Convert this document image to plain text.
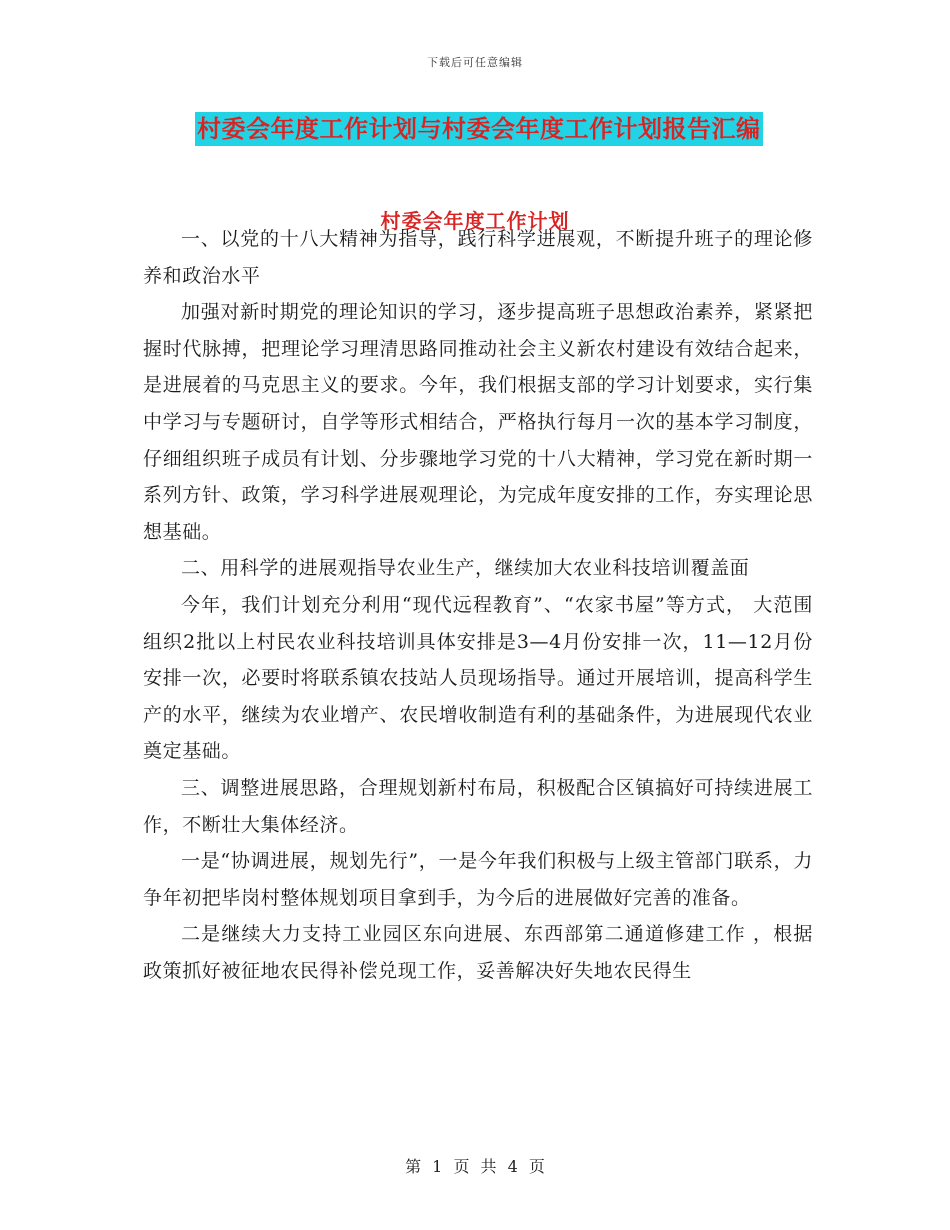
下载后可任意编辑
村委会年度工作计划与村委会年度工作计划报告汇编
村委会年度工作计划

一、以党的十八大精神为指导，践行科学进展观，不断提升班子的理论修养和政治水平

加强对新时期党的理论知识的学习，逐步提高班子思想政治素养，紧紧把握时代脉搏，把理论学习理清思路同推动社会主义新农村建设有效结合起来，是进展着的马克思主义的要求。今年，我们根据支部的学习计划要求，实行集中学习与专题研讨，自学等形式相结合，严格执行每月一次的基本学习制度，仔细组织班子成员有计划、分步骤地学习党的十八大精神，学习党在新时期一系列方针、政策，学习科学进展观理论，为完成年度安排的工作，夯实理论思想基础。

二、用科学的进展观指导农业生产，继续加大农业科技培训覆盖面

今年，我们计划充分利用“现代远程教育”、“农家书屋”等方式， 大范围组织2批以上村民农业科技培训具体安排是3—4月份安排一次，11—12月份安排一次，必要时将联系镇农技站人员现场指导。通过开展培训，提高科学生产的水平，继续为农业增产、农民增收制造有利的基础条件，为进展现代农业奠定基础。

三、调整进展思路，合理规划新村布局，积极配合区镇搞好可持续进展工作，不断壮大集体经济。

一是“协调进展，规划先行”，一是今年我们积极与上级主管部门联系，力争年初把毕岗村整体规划项目拿到手，为今后的进展做好完善的准备。

二是继续大力支持工业园区东向进展、东西部第二通道修建工作 ，根据政策抓好被征地农民得补偿兑现工作，妥善解决好失地农民得生

第 1 页 共 4 页
